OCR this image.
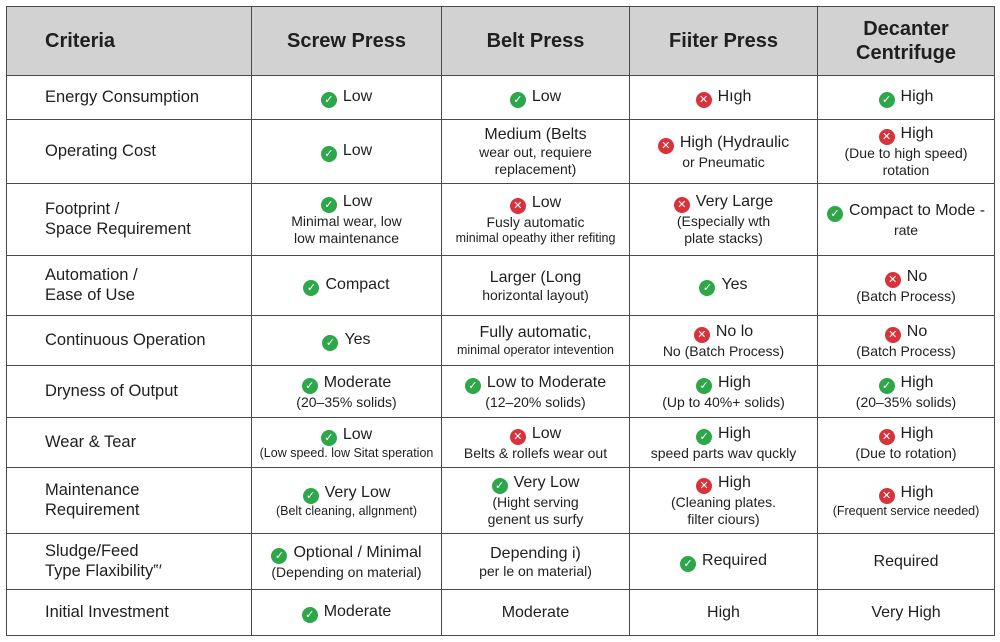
Criteria	Screw Press	Belt Press	Fiiter Press	Decanter Centrifuge

Energy Consumption	✓ Low	✓ Low	✕ Hıgh	✓ High

Operating Cost	✓ Low	Medium (Belts
wear out, requiere
replacement)	✕ High (Hydraulic
or Pneumatic	✕ High
(Due to high speed)
rotation

Footprint /
Space Requirement	✓ Low
Minimal wear, low
low maintenance	✕ Low
Fusly automatic
minimal opeathy ither refiting	✕ Very Large
(Especially wth
plate stacks)	✓ Compact to Mode -
rate

Automation /
Ease of Use	✓ Compact	Larger (Long
horizontal layout)	✓ Yes	✕ No
(Batch Process)

Continuous Operation	✓ Yes	Fully automatic,
minimal operator intevention	✕ No lo
No (Batch Process)	✕ No
(Batch Process)

Dryness of Output	✓ Moderate
(20–35% solids)	✓ Low to Moderate
(12–20% solids)	✓ High
(Up to 40%+ solids)	✓ High
(20–35% solids)

Wear & Tear	✓ Low
(Low speed. low Sitat speration	✕ Low
Belts & rollefs wear out	✓ High
speed parts wav quckly	✕ High
(Due to rotation)

Maintenance
Requirement	✓ Very Low
(Belt cleaning, allgnment)	✓ Very Low
(Hight serving
genent us surfy	✕ High
(Cleaning plates.
filter ciours)	✕ High
(Frequent service needed)

Sludge/Feed
Type Flaxibility‟′	✓ Optional / Minimal
(Depending on material)	Depending i)
per le on material)	✓ Required	Required

Initial Investment	✓ Moderate	Moderate	High	Very High
